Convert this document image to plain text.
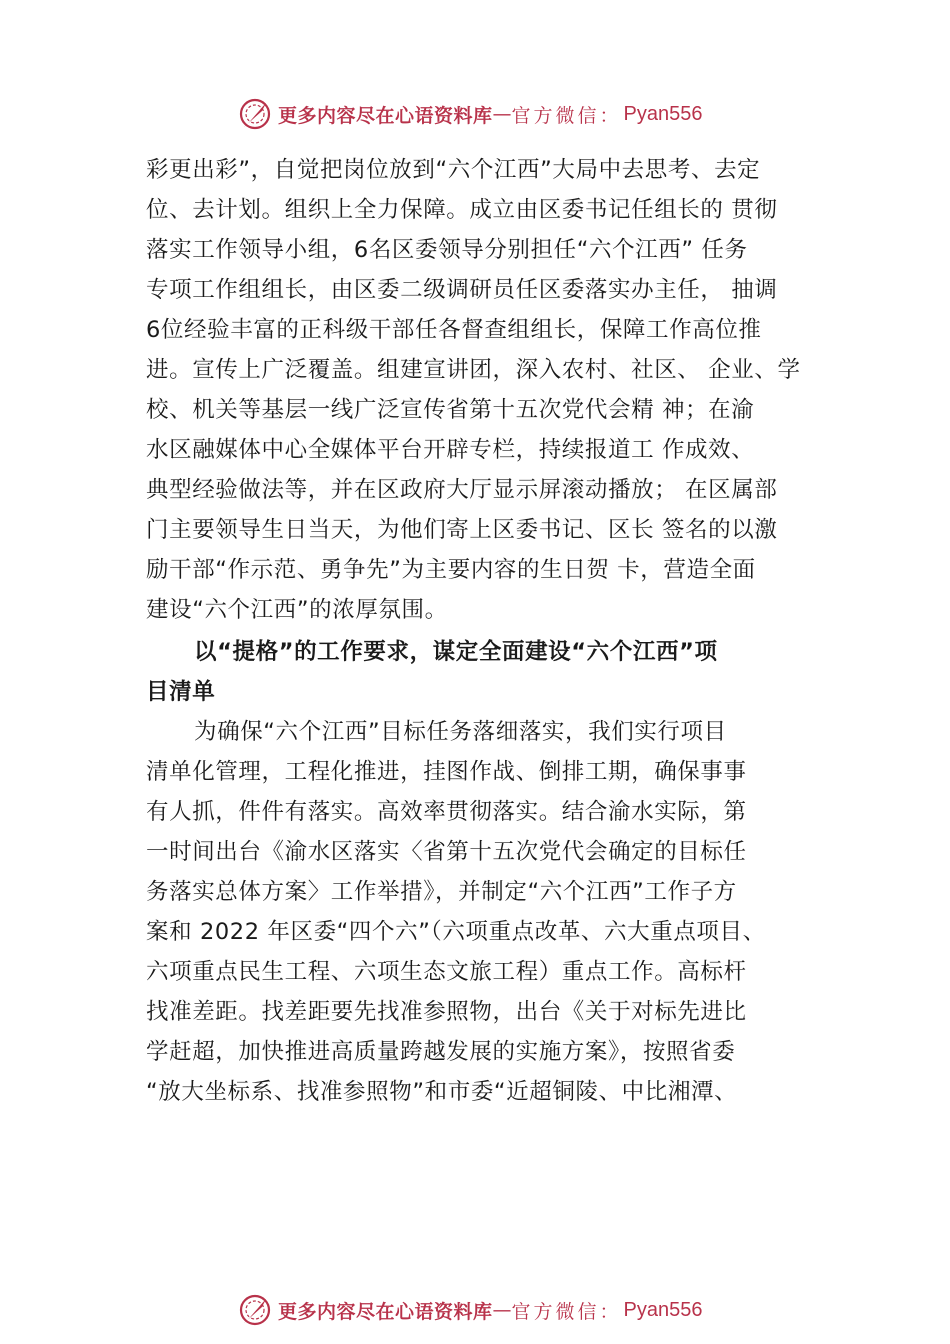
更多内容尽在心语资料库 — 官方微信： Pyan556
彩更出彩”，自觉把岗位放到“六个江西”大局中去思考、去定
位、去计划。组织上全力保障。成立由区委书记任组长的 贯彻
落实工作领导小组，6名区委领导分别担任“六个江西” 任务
专项工作组组长，由区委二级调研员任区委落实办主任， 抽调
6位经验丰富的正科级干部任各督查组组长，保障工作高位推
进。宣传上广泛覆盖。组建宣讲团，深入农村、社区、 企业、学
校、机关等基层一线广泛宣传省第十五次党代会精 神；在渝
水区融媒体中心全媒体平台开辟专栏，持续报道工 作成效、
典型经验做法等，并在区政府大厅显示屏滚动播放； 在区属部
门主要领导生日当天，为他们寄上区委书记、区长 签名的以激
励干部“作示范、勇争先”为主要内容的生日贺 卡，营造全面
建设“六个江西”的浓厚氛围。
以“提格”的工作要求，谋定全面建设“六个江西”项
目清单
为确保“六个江西”目标任务落细落实，我们实行项目
清单化管理，工程化推进，挂图作战、倒排工期，确保事事
有人抓，件件有落实。高效率贯彻落实。结合渝水实际，第
一时间出台《渝水区落实〈省第十五次党代会确定的目标任
务落实总体方案〉工作举措》，并制定“六个江西”工作子方
案和 2022 年区委“四个六”（六项重点改革、六大重点项目、
六项重点民生工程、六项生态文旅工程）重点工作。高标杆
找准差距。找差距要先找准参照物，出台《关于对标先进比
学赶超，加快推进高质量跨越发展的实施方案》，按照省委
“放大坐标系、找准参照物”和市委“近超铜陵、中比湘潭、
更多内容尽在心语资料库 — 官方微信： Pyan556
